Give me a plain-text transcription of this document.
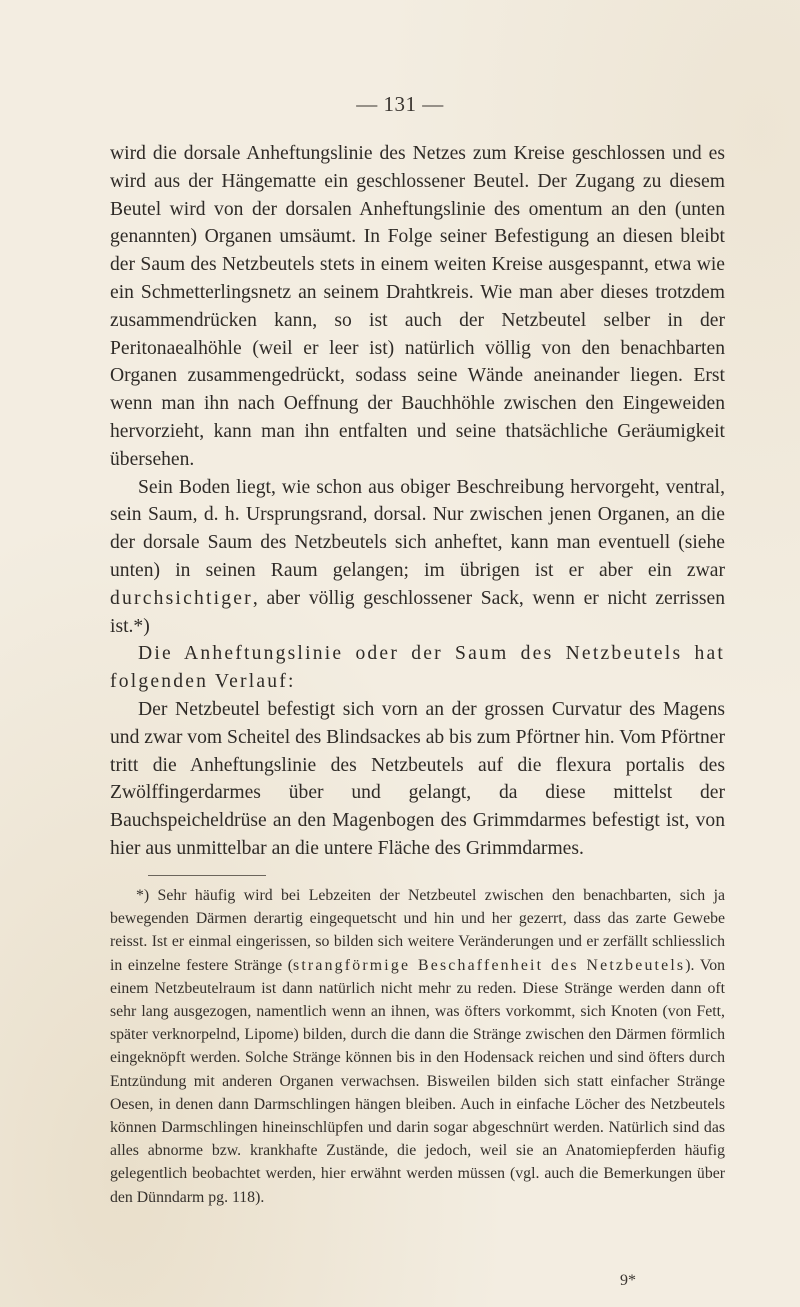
— 131 —

wird die dorsale Anheftungslinie des Netzes zum Kreise geschlossen und es wird aus der Hängematte ein geschlossener Beutel. Der Zugang zu diesem Beutel wird von der dorsalen Anheftungslinie des omentum an den (unten genannten) Organen umsäumt. In Folge seiner Befestigung an diesen bleibt der Saum des Netzbeutels stets in einem weiten Kreise ausgespannt, etwa wie ein Schmetterlingsnetz an seinem Drahtkreis. Wie man aber dieses trotzdem zusammendrücken kann, so ist auch der Netzbeutel selber in der Peritonaealhöhle (weil er leer ist) natürlich völlig von den benachbarten Organen zusammengedrückt, sodass seine Wände aneinander liegen. Erst wenn man ihn nach Oeffnung der Bauchhöhle zwischen den Eingeweiden hervorzieht, kann man ihn entfalten und seine thatsächliche Geräumigkeit übersehen.

Sein Boden liegt, wie schon aus obiger Beschreibung hervorgeht, ventral, sein Saum, d. h. Ursprungsrand, dorsal. Nur zwischen jenen Organen, an die der dorsale Saum des Netzbeutels sich anheftet, kann man eventuell (siehe unten) in seinen Raum gelangen; im übrigen ist er aber ein zwar durchsichtiger, aber völlig geschlossener Sack, wenn er nicht zerrissen ist.*)

Die Anheftungslinie oder der Saum des Netzbeutels hat folgenden Verlauf:

Der Netzbeutel befestigt sich vorn an der grossen Curvatur des Magens und zwar vom Scheitel des Blindsackes ab bis zum Pförtner hin. Vom Pförtner tritt die Anheftungslinie des Netzbeutels auf die flexura portalis des Zwölffingerdarmes über und gelangt, da diese mittelst der Bauchspeicheldrüse an den Magenbogen des Grimmdarmes befestigt ist, von hier aus unmittelbar an die untere Fläche des Grimmdarmes.

*) Sehr häufig wird bei Lebzeiten der Netzbeutel zwischen den benachbarten, sich ja bewegenden Därmen derartig eingequetscht und hin und her gezerrt, dass das zarte Gewebe reisst. Ist er einmal eingerissen, so bilden sich weitere Veränderungen und er zerfällt schliesslich in einzelne festere Stränge (strangförmige Beschaffenheit des Netzbeutels). Von einem Netzbeutelraum ist dann natürlich nicht mehr zu reden. Diese Stränge werden dann oft sehr lang ausgezogen, namentlich wenn an ihnen, was öfters vorkommt, sich Knoten (von Fett, später verknorpelnd, Lipome) bilden, durch die dann die Stränge zwischen den Därmen förmlich eingeknöpft werden. Solche Stränge können bis in den Hodensack reichen und sind öfters durch Entzündung mit anderen Organen verwachsen. Bisweilen bilden sich statt einfacher Stränge Oesen, in denen dann Darmschlingen hängen bleiben. Auch in einfache Löcher des Netzbeutels können Darmschlingen hineinschlüpfen und darin sogar abgeschnürt werden. Natürlich sind das alles abnorme bzw. krankhafte Zustände, die jedoch, weil sie an Anatomiepferden häufig gelegentlich beobachtet werden, hier erwähnt werden müssen (vgl. auch die Bemerkungen über den Dünndarm pg. 118).

9*
